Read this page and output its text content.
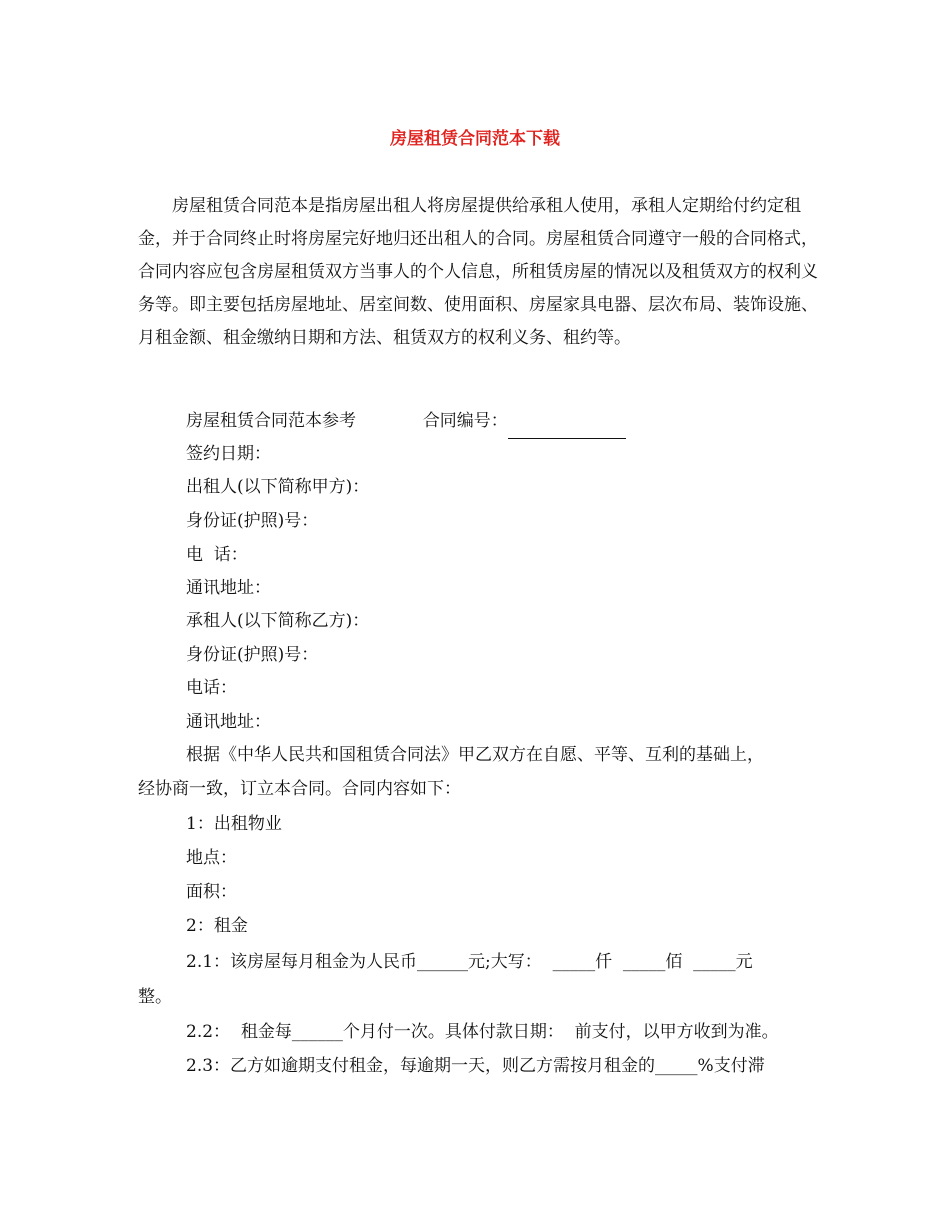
房屋租赁合同范本下载

房屋租赁合同范本是指房屋出租人将房屋提供给承租人使用，承租人定期给付约定租金，并于合同终止时将房屋完好地归还出租人的合同。房屋租赁合同遵守一般的合同格式，合同内容应包含房屋租赁双方当事人的个人信息，所租赁房屋的情况以及租赁双方的权利义务等。即主要包括房屋地址、居室间数、使用面积、房屋家具电器、层次布局、装饰设施、月租金额、租金缴纳日期和方法、租赁双方的权利义务、租约等。

房屋租赁合同范本参考	合同编号：
签约日期：
出租人(以下简称甲方)：
身份证(护照)号：
电  话：
通讯地址：
承租人(以下简称乙方)：
身份证(护照)号：
电话：
通讯地址：
根据《中华人民共和国租赁合同法》甲乙双方在自愿、平等、互利的基础上，
经协商一致，订立本合同。合同内容如下：
1：出租物业
地点：
面积：
2：租金
2.1：该房屋每月租金为人民币______元;大写：  _____仟  _____佰  _____元
整。
2.2：  租金每______个月付一次。具体付款日期：  前支付，以甲方收到为准。
2.3：乙方如逾期支付租金，每逾期一天，则乙方需按月租金的_____%支付滞
